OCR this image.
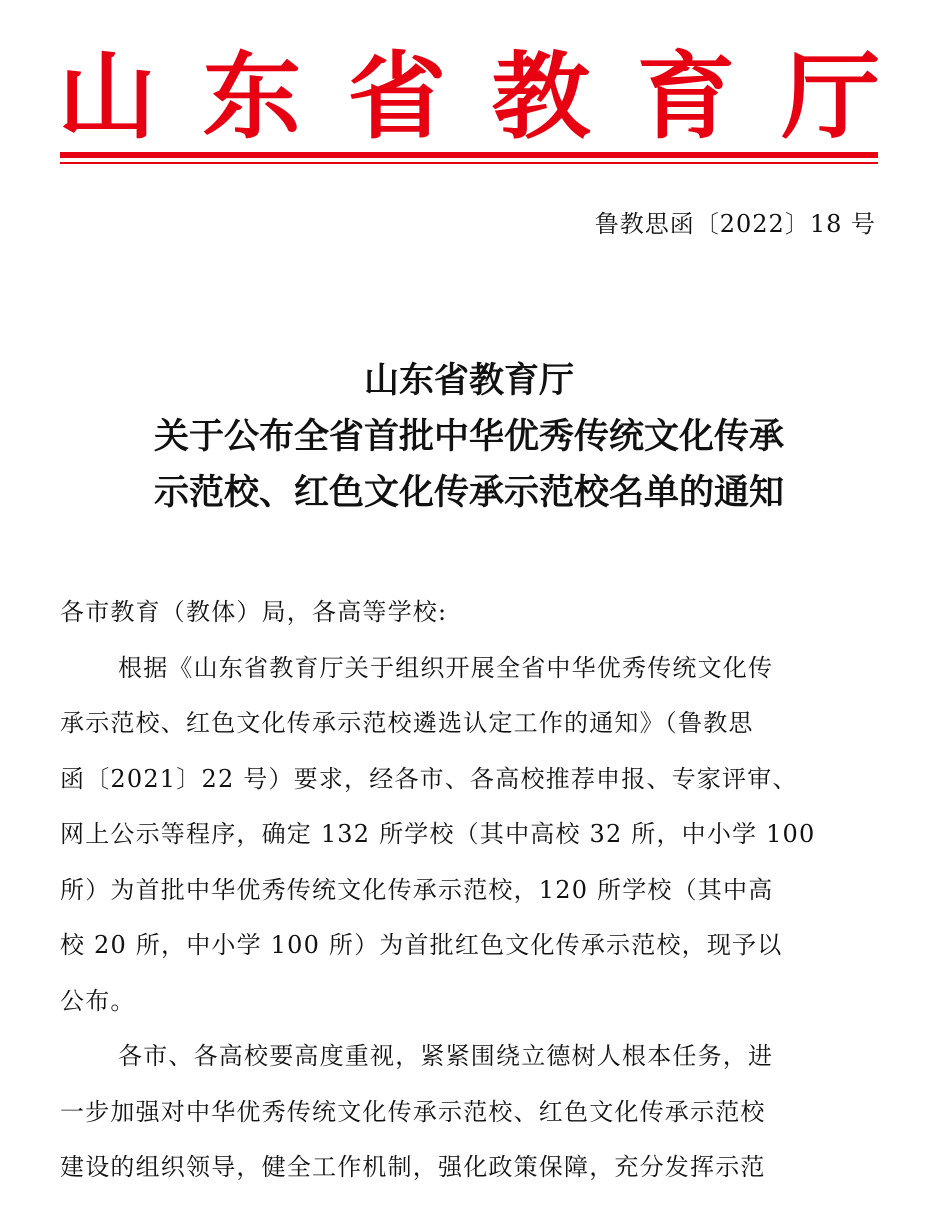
山 东 省 教 育 厅
鲁教思函〔2022〕18 号
山东省教育厅
关于公布全省首批中华优秀传统文化传承
示范校、红色文化传承示范校名单的通知
各市教育（教体）局，各高等学校:
根据《山东省教育厅关于组织开展全省中华优秀传统文化传
承示范校、红色文化传承示范校遴选认定工作的通知》（鲁教思
函〔2021〕22 号）要求，经各市、各高校推荐申报、专家评审、
网上公示等程序，确定 132 所学校（其中高校 32 所，中小学 100
所）为首批中华优秀传统文化传承示范校，120 所学校（其中高
校 20 所，中小学 100 所）为首批红色文化传承示范校，现予以
公布。
各市、各高校要高度重视，紧紧围绕立德树人根本任务，进
一步加强对中华优秀传统文化传承示范校、红色文化传承示范校
建设的组织领导，健全工作机制，强化政策保障，充分发挥示范
